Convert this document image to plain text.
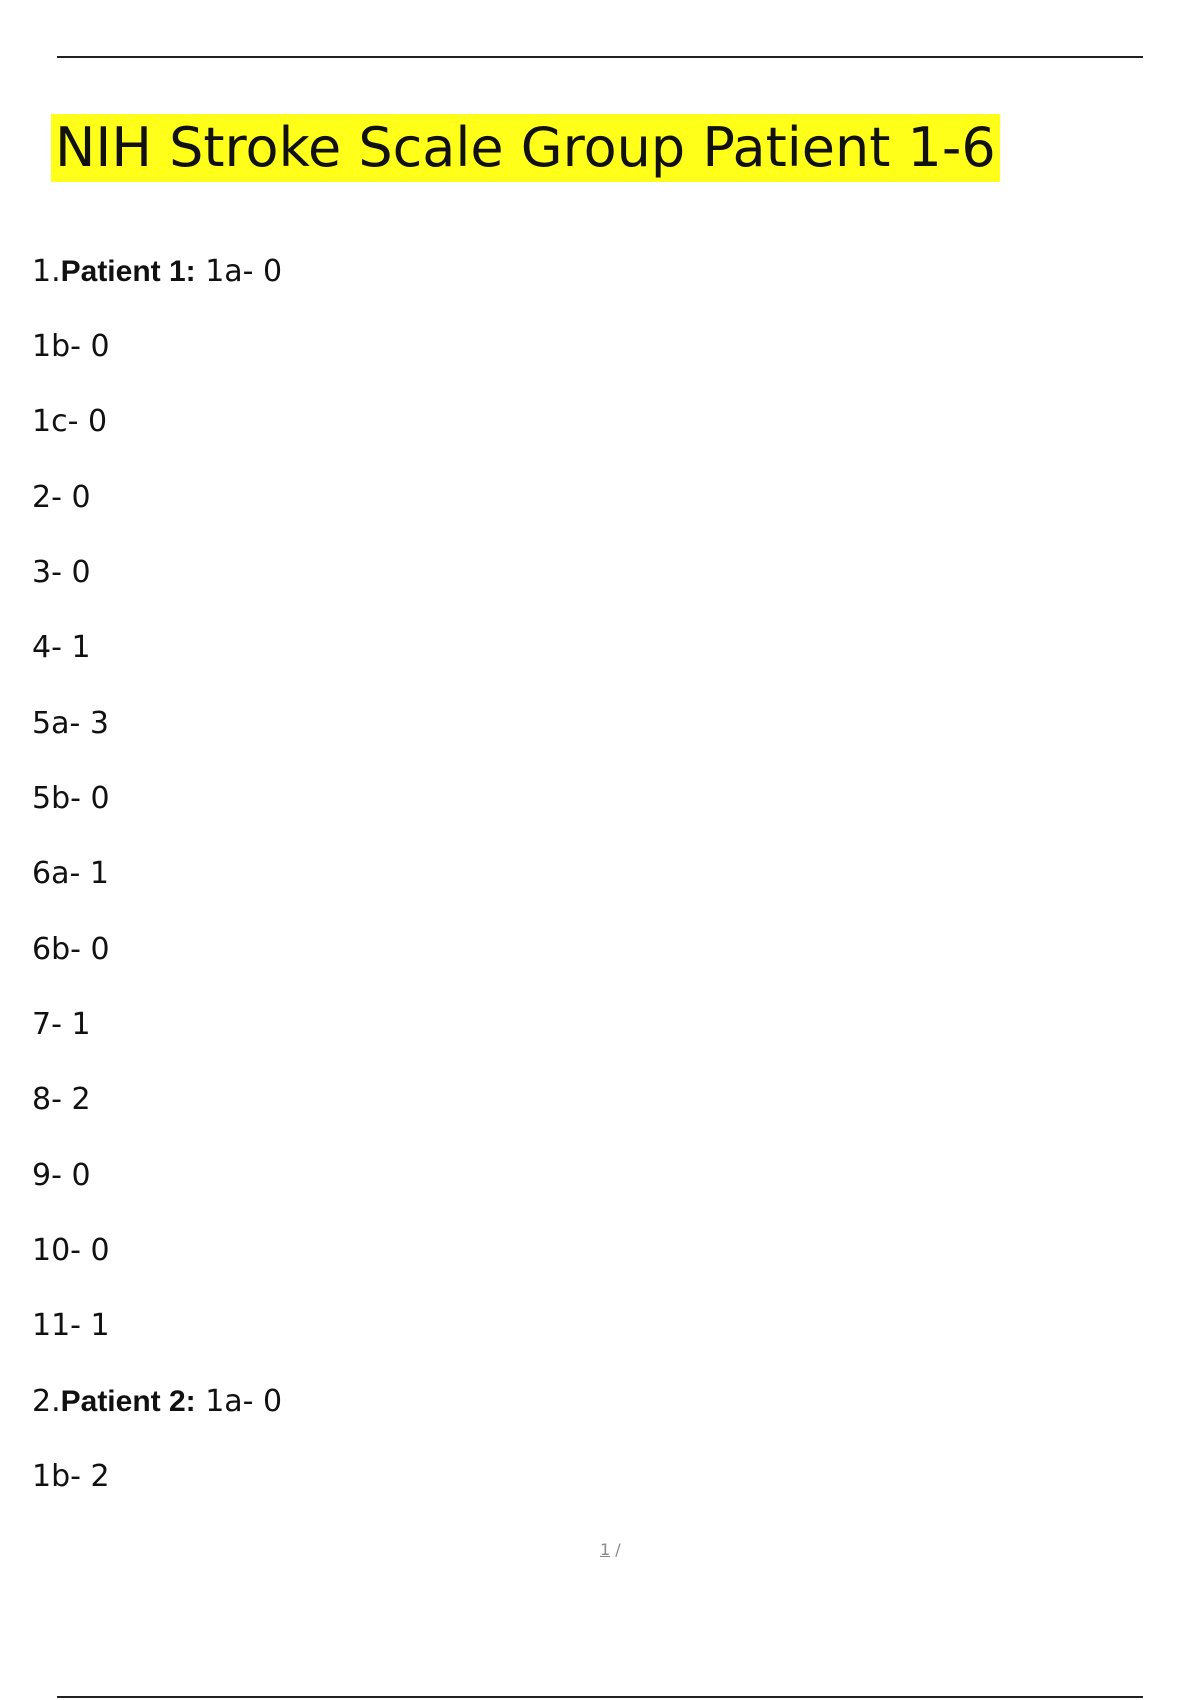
NIH Stroke Scale Group Patient 1-6
1.Patient 1: 1a- 0
1b- 0
1c- 0
2- 0
3- 0
4- 1
5a- 3
5b- 0
6a- 1
6b- 0
7- 1
8- 2
9- 0
10- 0
11- 1
2.Patient 2: 1a- 0
1b- 2
1 /
